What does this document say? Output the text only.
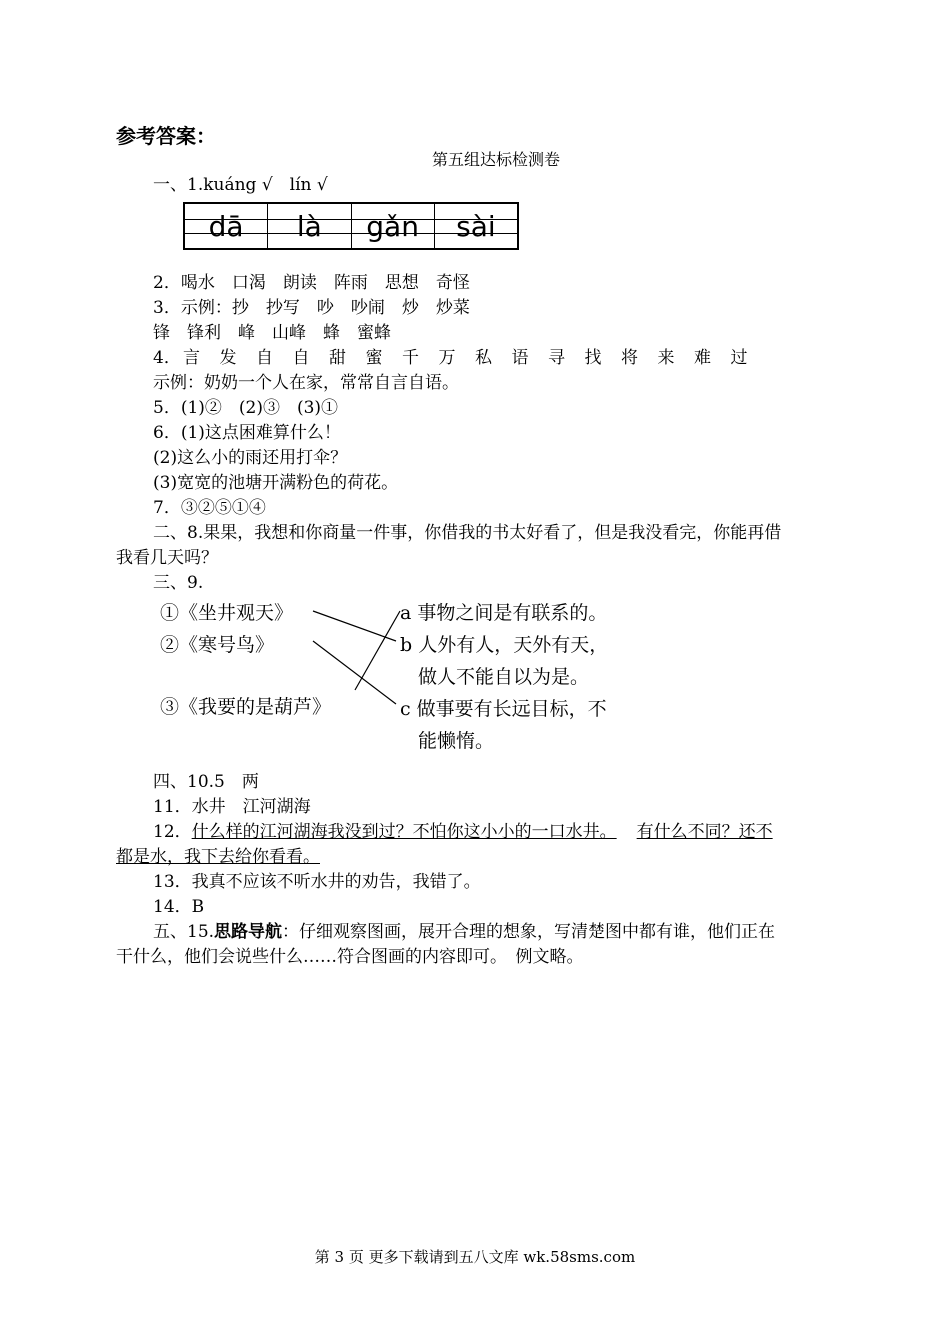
参考答案：
第五组达标检测卷
一、1.kuáng √　lín √
dā	là	gǎn	sài
2．喝水　口渴　朗读　阵雨　思想　奇怪
3．示例：抄　抄写　吵　吵闹　炒　炒菜
锋　锋利　峰　山峰　蜂　蜜蜂
4． 言 发 自 自 甜 蜜 千 万 私 语 寻 找 将 来 难 过
示例：奶奶一个人在家，常常自言自语。
5．(1)②　(2)③　(3)①
6．(1)这点困难算什么！
(2)这么小的雨还用打伞？
(3)宽宽的池塘开满粉色的荷花。
7．③②⑤①④
二、8.果果，我想和你商量一件事，你借我的书太好看了，但是我没看完，你能再借
我看几天吗？
三、9.
①《坐井观天》
②《寒号鸟》
③《我要的是葫芦》
a 事物之间是有联系的。
b 人外有人，天外有天，
做人不能自以为是。
c 做事要有长远目标，不
能懒惰。
四、10.5　两
11．水井　江河湖海
12．什么样的江河湖海我没到过？不怕你这小小的一口水井。 有什么不同？还不
都是水，我下去给你看看。
13．我真不应该不听水井的劝告，我错了。
14．B
五、15.思路导航：仔细观察图画，展开合理的想象，写清楚图中都有谁，他们正在
干什么，他们会说些什么……符合图画的内容即可。　例文略。
第 3 页 更多下载请到五八文库 wk.58sms.com
